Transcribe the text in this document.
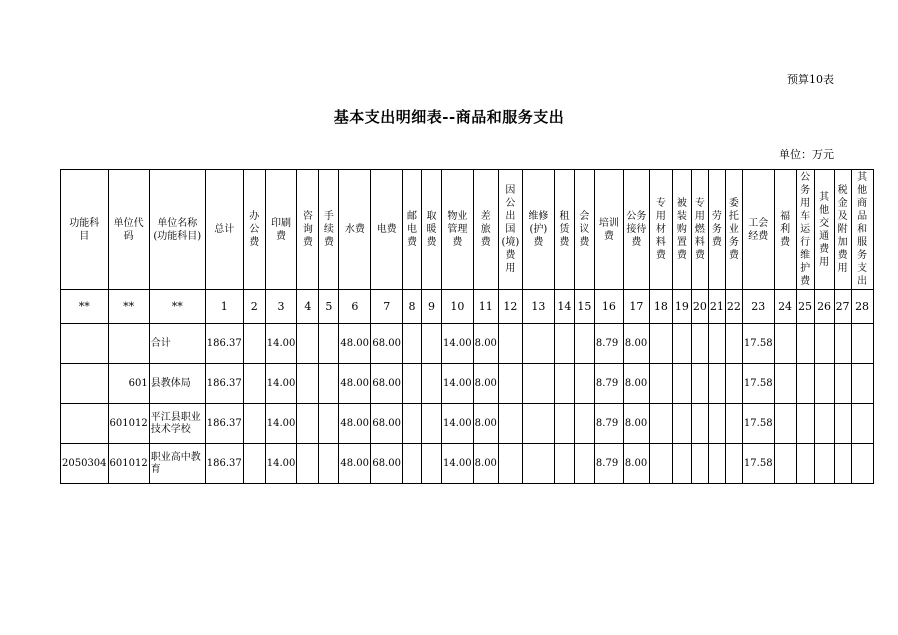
预算10表
基本支出明细表--商品和服务支出
单位：万元
功能科目	单位代码	单位名称(功能科目)	总计	办公费	印刷费	咨询费	手续费	水费	电费	邮电费	取暖费	物业管理费	差旅费	因公出国(境)费用	维修(护)费	租赁费	会议费	培训费	公务接待费	专用材料费	被装购置费	专用燃料费	劳务费	委托业务费	工会经费	福利费	公务用车运行维护费	其他交通费用	税金及附加费用	其他商品和服务支出
**	**	**	1	2	3	4	5	6	7	8	9	10	11	12	13	14	15	16	17	18	19	20	21	22	23	24	25	26	27	28
		合计	186.37		14.00			48.00	68.00			14.00	8.00					8.79	8.00						17.58					
	601	县教体局	186.37		14.00			48.00	68.00			14.00	8.00					8.79	8.00						17.58					
	601012	平江县职业技术学校	186.37		14.00			48.00	68.00			14.00	8.00					8.79	8.00						17.58					
2050304	601012	职业高中教育	186.37		14.00			48.00	68.00			14.00	8.00					8.79	8.00						17.58					
